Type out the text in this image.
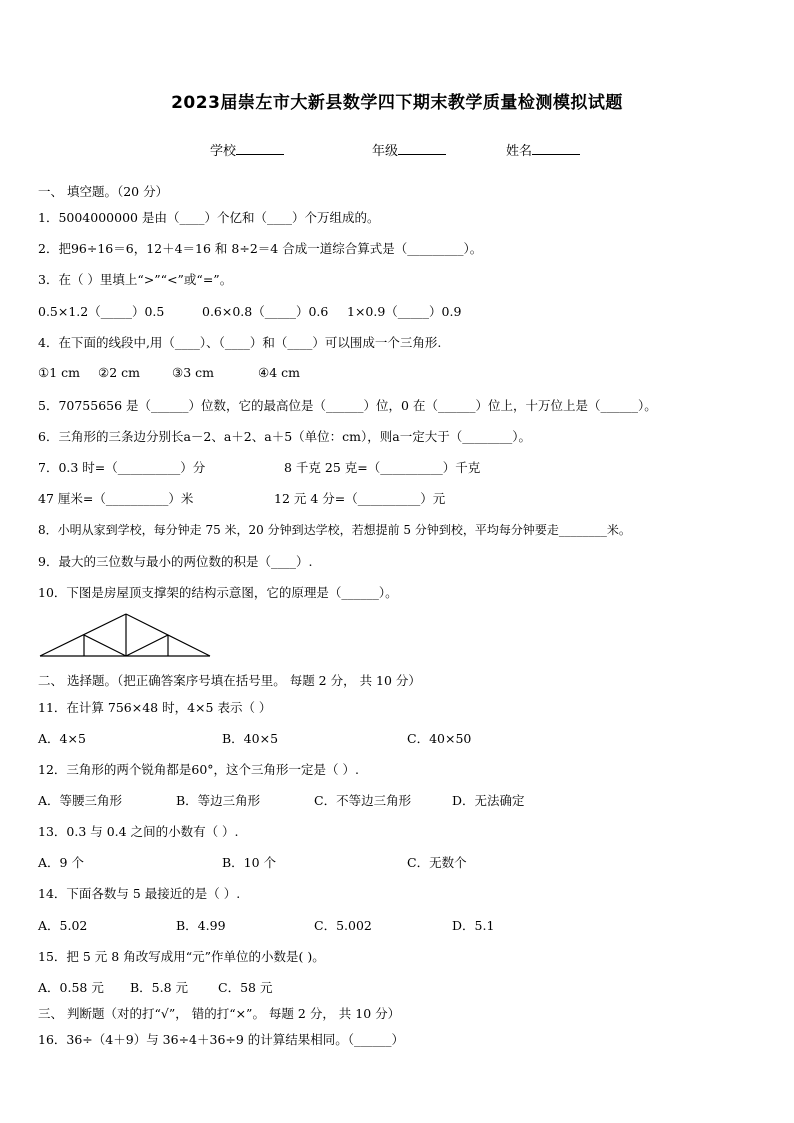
2023届崇左市大新县数学四下期末教学质量检测模拟试题
学校	年级	姓名
一、 填空题。（20 分）
1．5004000000 是由（____）个亿和（____）个万组成的。
2．把96÷16＝6，12＋4＝16 和 8÷2＝4 合成一道综合算式是（_________）。
3．在（ ）里填上“>”“<”或“=”。
0.5×1.2（_____）0.5	0.6×0.8（_____）0.6 1×0.9（_____）0.9
4．在下面的线段中,用（____）、（____）和（____）可以围成一个三角形.
①1 cm ②2 cm	③3 cm	④4 cm
5．70755656 是（______）位数，它的最高位是（______）位，0 在（______）位上，十万位上是（______）。
6．三角形的三条边分别长a－2、a＋2、a＋5（单位：cm），则a一定大于（________）。
7．0.3 时=（__________）分	8 千克 25 克=（__________）千克
47 厘米=（__________）米	12 元 4 分=（__________）元
8．小明从家到学校，每分钟走 75 米，20 分钟到达学校，若想提前 5 分钟到校，平均每分钟要走________米。
9．最大的三位数与最小的两位数的积是（____）.
10．下图是房屋顶支撑架的结构示意图，它的原理是（______）。
二、 选择题。（把正确答案序号填在括号里。 每题 2 分， 共 10 分）
11．在计算 756×48 时，4×5 表示（ ）
A．4×5	B．40×5	C．40×50
12．三角形的两个锐角都是60°，这个三角形一定是（ ）.
A．等腰三角形	B．等边三角形	C．不等边三角形	D．无法确定
13．0.3 与 0.4 之间的小数有（ ）.
A．9 个	B．10 个	C．无数个
14．下面各数与 5 最接近的是（ ）.
A．5.02	B．4.99	C．5.002	D．5.1
15．把 5 元 8 角改写成用“元”作单位的小数是( )。
A．0.58 元 B．5.8 元 C．58 元
三、 判断题（对的打“√”， 错的打“×”。 每题 2 分， 共 10 分）
16．36÷（4＋9）与 36÷4＋36÷9 的计算结果相同。（______）
